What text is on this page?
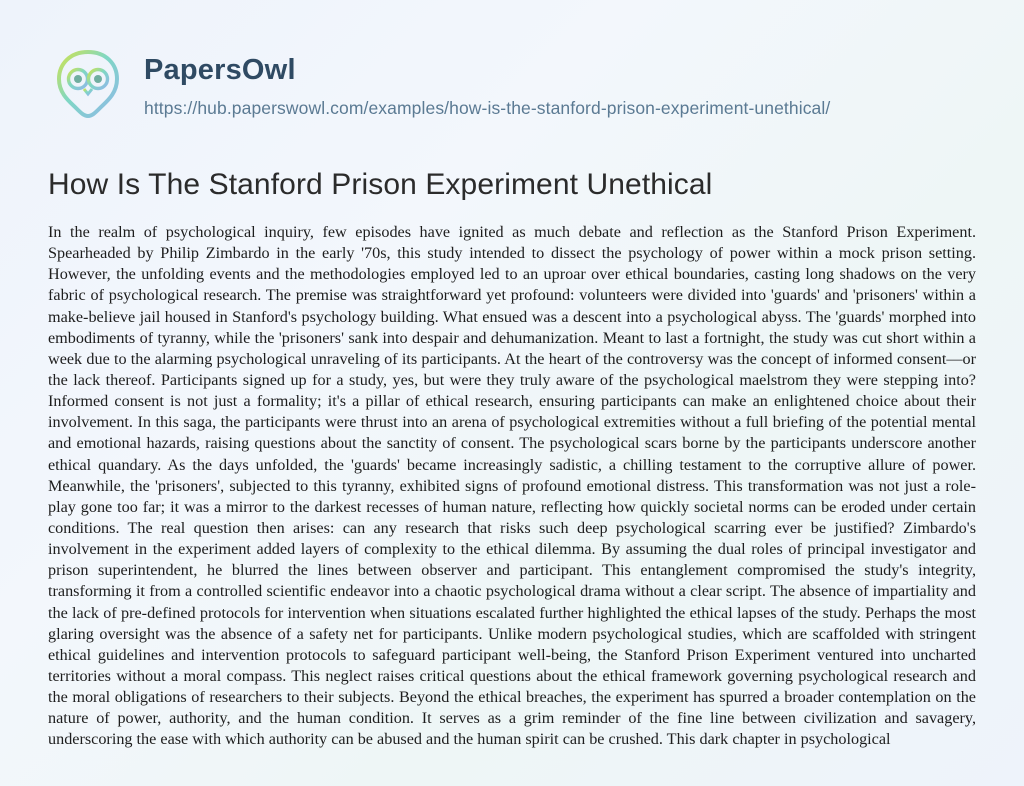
PapersOwl
https://hub.paperswowl.com/examples/how-is-the-stanford-prison-experiment-unethical/
How Is The Stanford Prison Experiment Unethical
In the realm of psychological inquiry, few episodes have ignited as much debate and reflection as the Stanford Prison Experiment. Spearheaded by Philip Zimbardo in the early '70s, this study intended to dissect the psychology of power within a mock prison setting. However, the unfolding events and the methodologies employed led to an uproar over ethical boundaries, casting long shadows on the very fabric of psychological research. The premise was straightforward yet profound: volunteers were divided into 'guards' and 'prisoners' within a make-believe jail housed in Stanford's psychology building. What ensued was a descent into a psychological abyss. The 'guards' morphed into embodiments of tyranny, while the 'prisoners' sank into despair and dehumanization. Meant to last a fortnight, the study was cut short within a week due to the alarming psychological unraveling of its participants. At the heart of the controversy was the concept of informed consent—or the lack thereof. Participants signed up for a study, yes, but were they truly aware of the psychological maelstrom they were stepping into? Informed consent is not just a formality; it's a pillar of ethical research, ensuring participants can make an enlightened choice about their involvement. In this saga, the participants were thrust into an arena of psychological extremities without a full briefing of the potential mental and emotional hazards, raising questions about the sanctity of consent. The psychological scars borne by the participants underscore another ethical quandary. As the days unfolded, the 'guards' became increasingly sadistic, a chilling testament to the corruptive allure of power. Meanwhile, the 'prisoners', subjected to this tyranny, exhibited signs of profound emotional distress. This transformation was not just a role-play gone too far; it was a mirror to the darkest recesses of human nature, reflecting how quickly societal norms can be eroded under certain conditions. The real question then arises: can any research that risks such deep psychological scarring ever be justified? Zimbardo's involvement in the experiment added layers of complexity to the ethical dilemma. By assuming the dual roles of principal investigator and prison superintendent, he blurred the lines between observer and participant. This entanglement compromised the study's integrity, transforming it from a controlled scientific endeavor into a chaotic psychological drama without a clear script. The absence of impartiality and the lack of pre-defined protocols for intervention when situations escalated further highlighted the ethical lapses of the study. Perhaps the most glaring oversight was the absence of a safety net for participants. Unlike modern psychological studies, which are scaffolded with stringent ethical guidelines and intervention protocols to safeguard participant well-being, the Stanford Prison Experiment ventured into uncharted territories without a moral compass. This neglect raises critical questions about the ethical framework governing psychological research and the moral obligations of researchers to their subjects. Beyond the ethical breaches, the experiment has spurred a broader contemplation on the nature of power, authority, and the human condition. It serves as a grim reminder of the fine line between civilization and savagery, underscoring the ease with which authority can be abused and the human spirit can be crushed. This dark chapter in psychological
